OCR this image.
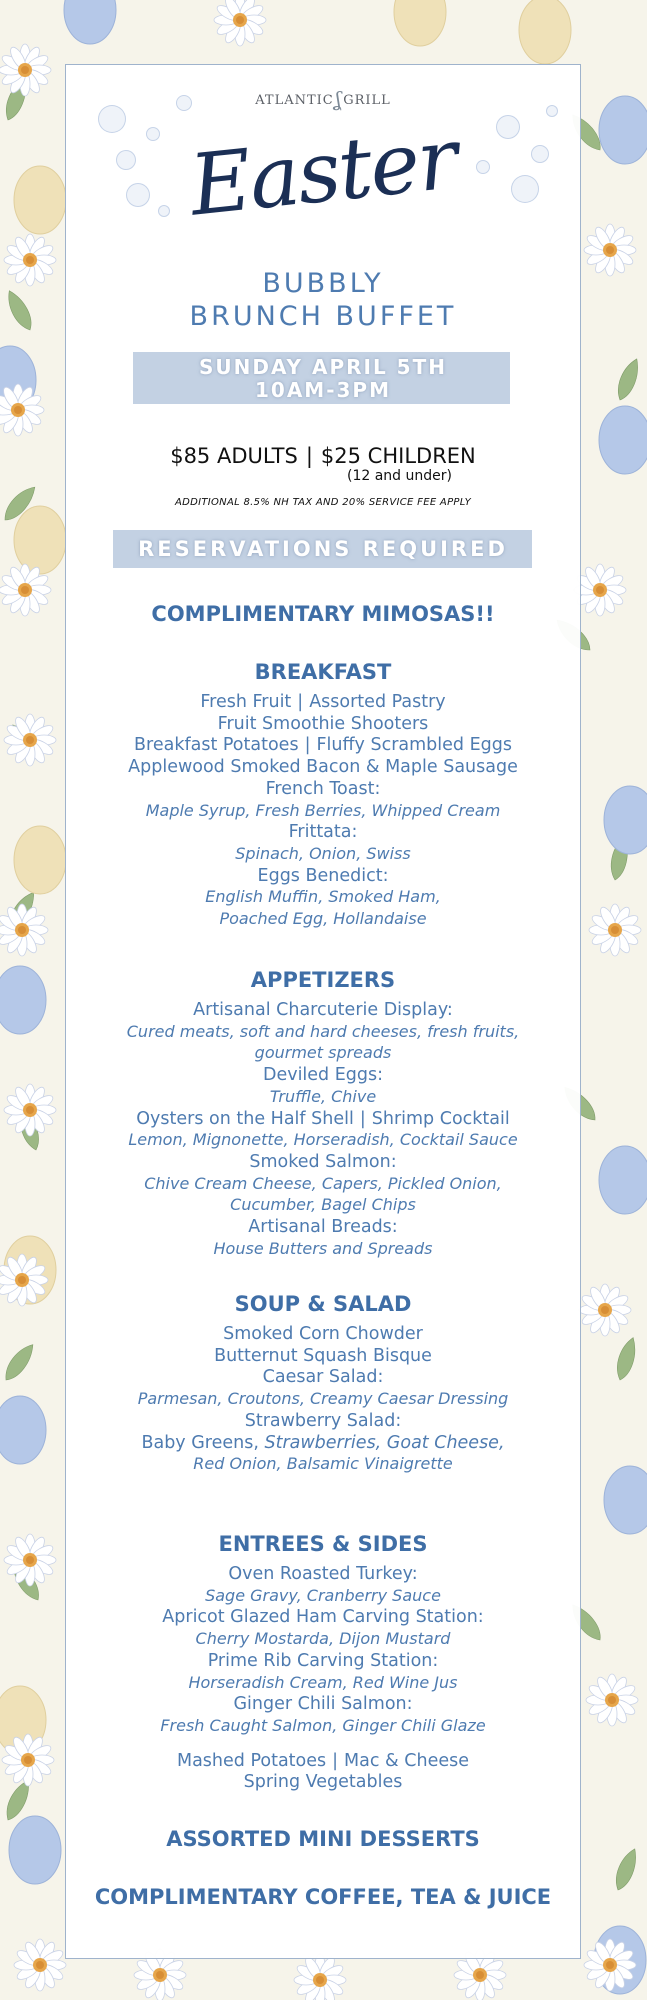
ATLANTICʆGRILL
Easter
BUBBLY
BRUNCH BUFFET
SUNDAY APRIL 5TH
10AM-3PM
$85 ADULTS | $25 CHILDREN
(12 and under)
ADDITIONAL 8.5% NH TAX AND 20% SERVICE FEE APPLY
RESERVATIONS REQUIRED
COMPLIMENTARY MIMOSAS!!
BREAKFAST
Fresh Fruit | Assorted Pastry
Fruit Smoothie Shooters
Breakfast Potatoes | Fluffy Scrambled Eggs
Applewood Smoked Bacon & Maple Sausage
French Toast:
Maple Syrup, Fresh Berries, Whipped Cream
Frittata:
Spinach, Onion, Swiss
Eggs Benedict:
English Muffin, Smoked Ham,
Poached Egg, Hollandaise
APPETIZERS
Artisanal Charcuterie Display:
Cured meats, soft and hard cheeses, fresh fruits,
gourmet spreads
Deviled Eggs:
Truffle, Chive
Oysters on the Half Shell | Shrimp Cocktail
Lemon, Mignonette, Horseradish, Cocktail Sauce
Smoked Salmon:
Chive Cream Cheese, Capers, Pickled Onion,
Cucumber, Bagel Chips
Artisanal Breads:
House Butters and Spreads
SOUP & SALAD
Smoked Corn Chowder
Butternut Squash Bisque
Caesar Salad:
Parmesan, Croutons, Creamy Caesar Dressing
Strawberry Salad:
Baby Greens, Strawberries, Goat Cheese,
Red Onion, Balsamic Vinaigrette
ENTREES & SIDES
Oven Roasted Turkey:
Sage Gravy, Cranberry Sauce
Apricot Glazed Ham Carving Station:
Cherry Mostarda, Dijon Mustard
Prime Rib Carving Station:
Horseradish Cream, Red Wine Jus
Ginger Chili Salmon:
Fresh Caught Salmon, Ginger Chili Glaze
Mashed Potatoes | Mac & Cheese
Spring Vegetables
ASSORTED MINI DESSERTS
COMPLIMENTARY COFFEE, TEA & JUICE
